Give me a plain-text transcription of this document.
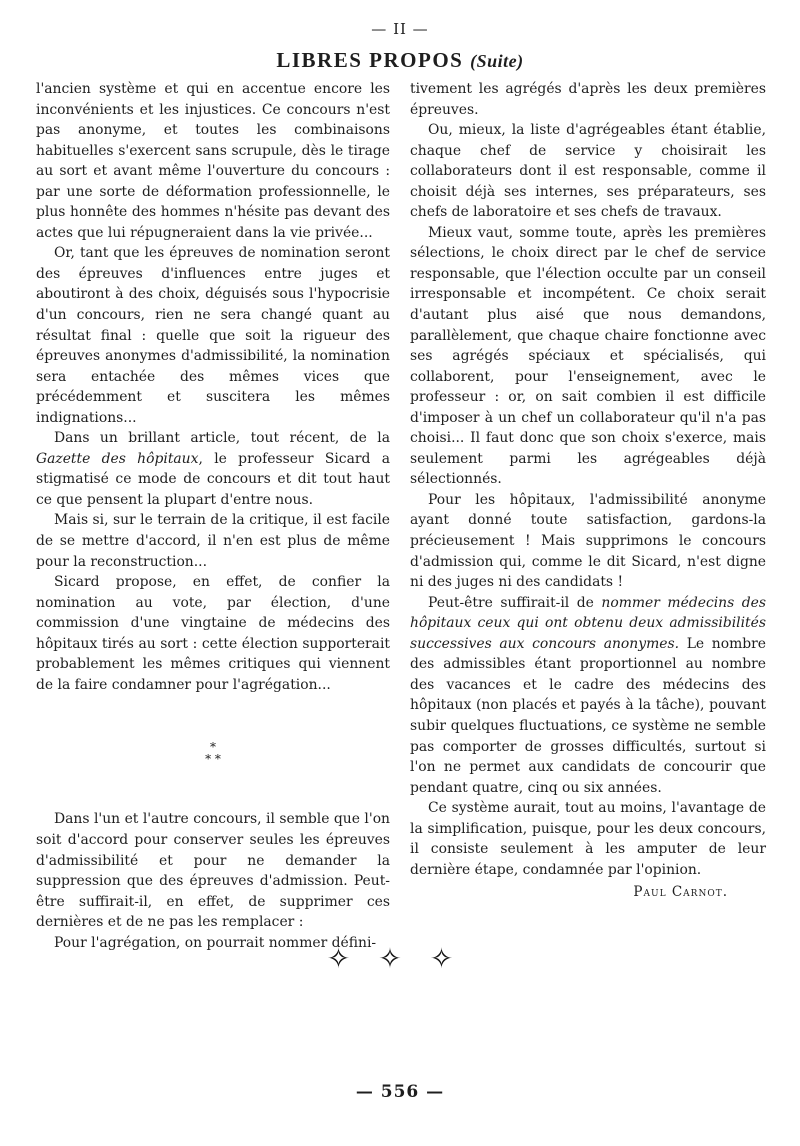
— II —
LIBRES PROPOS (Suite)

l'ancien système et qui en accentue encore les inconvénients et les injustices. Ce concours n'est pas anonyme, et toutes les combinaisons habituelles s'exercent sans scrupule, dès le tirage au sort et avant même l'ouverture du concours : par une sorte de déformation professionnelle, le plus honnête des hommes n'hésite pas devant des actes que lui répugneraient dans la vie privée...

Or, tant que les épreuves de nomination seront des épreuves d'influences entre juges et aboutiront à des choix, déguisés sous l'hypocrisie d'un concours, rien ne sera changé quant au résultat final : quelle que soit la rigueur des épreuves anonymes d'admissibilité, la nomination sera entachée des mêmes vices que précédemment et suscitera les mêmes indignations...

Dans un brillant article, tout récent, de la Gazette des hôpitaux, le professeur Sicard a stigmatisé ce mode de concours et dit tout haut ce que pensent la plupart d'entre nous.

Mais si, sur le terrain de la critique, il est facile de se mettre d'accord, il n'en est plus de même pour la reconstruction...

Sicard propose, en effet, de confier la nomination au vote, par élection, d'une commission d'une vingtaine de médecins des hôpitaux tirés au sort : cette élection supporterait probablement les mêmes critiques qui viennent de la faire condamner pour l'agrégation...

*
* *

Dans l'un et l'autre concours, il semble que l'on soit d'accord pour conserver seules les épreuves d'admissibilité et pour ne demander la suppression que des épreuves d'admission. Peut-être suffirait-il, en effet, de supprimer ces dernières et de ne pas les remplacer :

Pour l'agrégation, on pourrait nommer défini-

tivement les agrégés d'après les deux premières épreuves.

Ou, mieux, la liste d'agrégeables étant établie, chaque chef de service y choisirait les collaborateurs dont il est responsable, comme il choisit déjà ses internes, ses préparateurs, ses chefs de laboratoire et ses chefs de travaux.

Mieux vaut, somme toute, après les premières sélections, le choix direct par le chef de service responsable, que l'élection occulte par un conseil irresponsable et incompétent. Ce choix serait d'autant plus aisé que nous demandons, parallèlement, que chaque chaire fonctionne avec ses agrégés spéciaux et spécialisés, qui collaborent, pour l'enseignement, avec le professeur : or, on sait combien il est difficile d'imposer à un chef un collaborateur qu'il n'a pas choisi... Il faut donc que son choix s'exerce, mais seulement parmi les agrégeables déjà sélectionnés.

Pour les hôpitaux, l'admissibilité anonyme ayant donné toute satisfaction, gardons-la précieusement ! Mais supprimons le concours d'admission qui, comme le dit Sicard, n'est digne ni des juges ni des candidats !

Peut-être suffirait-il de nommer médecins des hôpitaux ceux qui ont obtenu deux admissibilités successives aux concours anonymes. Le nombre des admissibles étant proportionnel au nombre des vacances et le cadre des médecins des hôpitaux (non placés et payés à la tâche), pouvant subir quelques fluctuations, ce système ne semble pas comporter de grosses difficultés, surtout si l'on ne permet aux candidats de concourir que pendant quatre, cinq ou six années.

Ce système aurait, tout au moins, l'avantage de la simplification, puisque, pour les deux concours, il consiste seulement à les amputer de leur dernière étape, condamnée par l'opinion.

Paul Carnot.
✧ ✧ ✧
— 556 —
